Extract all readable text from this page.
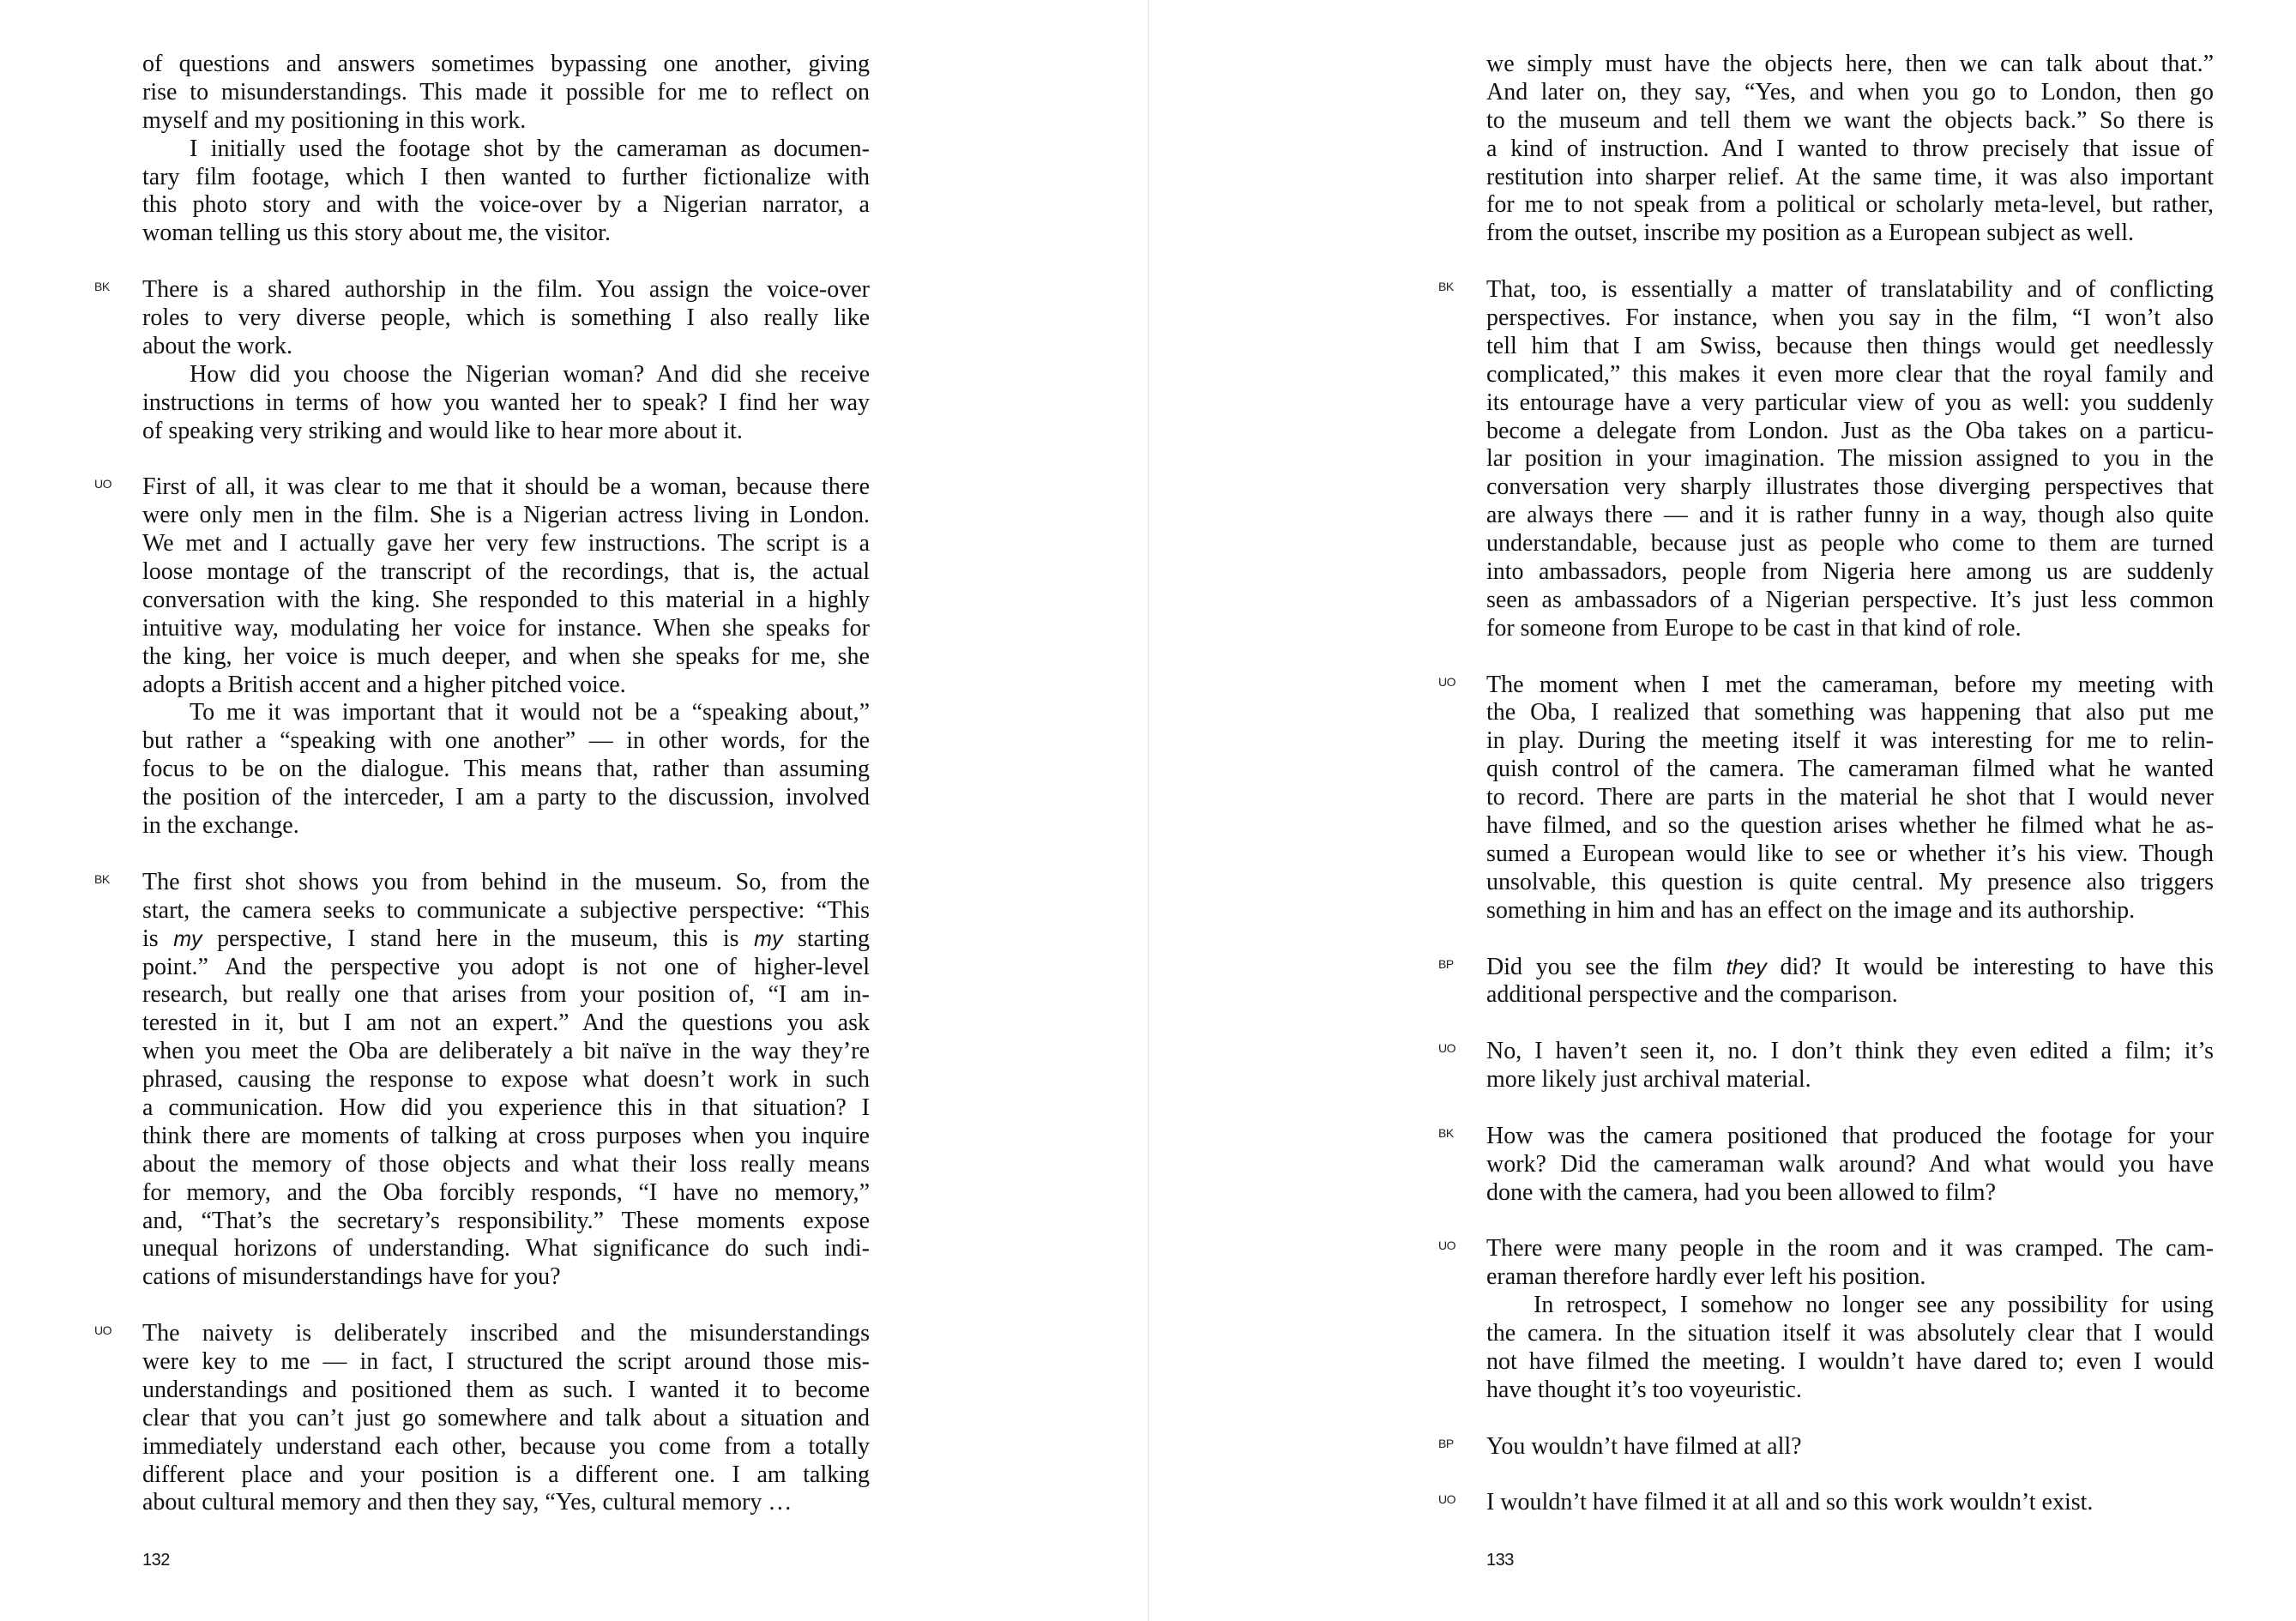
of questions and answers sometimes bypassing one another, giving
rise to misunderstandings. This made it possible for me to reflect on
myself and my positioning in this work.
I initially used the footage shot by the cameraman as documen-
tary film footage, which I then wanted to further fictionalize with
this photo story and with the voice-over by a Nigerian narrator, a
woman telling us this story about me, the visitor.
BK There is a shared authorship in the film. You assign the voice-over
roles to very diverse people, which is something I also really like
about the work.
How did you choose the Nigerian woman? And did she receive
instructions in terms of how you wanted her to speak? I find her way
of speaking very striking and would like to hear more about it.
UO First of all, it was clear to me that it should be a woman, because there
were only men in the film. She is a Nigerian actress living in London.
We met and I actually gave her very few instructions. The script is a
loose montage of the transcript of the recordings, that is, the actual
conversation with the king. She responded to this material in a highly
intuitive way, modulating her voice for instance. When she speaks for
the king, her voice is much deeper, and when she speaks for me, she
adopts a British accent and a higher pitched voice.
To me it was important that it would not be a “speaking about,”
but rather a “speaking with one another” — in other words, for the
focus to be on the dialogue. This means that, rather than assuming
the position of the interceder, I am a party to the discussion, involved
in the exchange.
BK The first shot shows you from behind in the museum. So, from the
start, the camera seeks to communicate a subjective perspective: “This
is my perspective, I stand here in the museum, this is my starting
point.” And the perspective you adopt is not one of higher-level
research, but really one that arises from your position of, “I am in-
terested in it, but I am not an expert.” And the questions you ask
when you meet the Oba are deliberately a bit naïve in the way they’re
phrased, causing the response to expose what doesn’t work in such
a communication. How did you experience this in that situation? I
think there are moments of talking at cross purposes when you inquire
about the memory of those objects and what their loss really means
for memory, and the Oba forcibly responds, “I have no memory,”
and, “That’s the secretary’s responsibility.” These moments expose
unequal horizons of understanding. What significance do such indi-
cations of misunderstandings have for you?
UO The naivety is deliberately inscribed and the misunderstandings
were key to me — in fact, I structured the script around those mis-
understandings and positioned them as such. I wanted it to become
clear that you can’t just go somewhere and talk about a situation and
immediately understand each other, because you come from a totally
different place and your position is a different one. I am talking
about cultural memory and then they say, “Yes, cultural memory …
132
we simply must have the objects here, then we can talk about that.”
And later on, they say, “Yes, and when you go to London, then go
to the museum and tell them we want the objects back.” So there is
a kind of instruction. And I wanted to throw precisely that issue of
restitution into sharper relief. At the same time, it was also important
for me to not speak from a political or scholarly meta-level, but rather,
from the outset, inscribe my position as a European subject as well.
BK That, too, is essentially a matter of translatability and of conflicting
perspectives. For instance, when you say in the film, “I won’t also
tell him that I am Swiss, because then things would get needlessly
complicated,” this makes it even more clear that the royal family and
its entourage have a very particular view of you as well: you suddenly
become a delegate from London. Just as the Oba takes on a particu-
lar position in your imagination. The mission assigned to you in the
conversation very sharply illustrates those diverging perspectives that
are always there — and it is rather funny in a way, though also quite
understandable, because just as people who come to them are turned
into ambassadors, people from Nigeria here among us are suddenly
seen as ambassadors of a Nigerian perspective. It’s just less common
for someone from Europe to be cast in that kind of role.
UO The moment when I met the cameraman, before my meeting with
the Oba, I realized that something was happening that also put me
in play. During the meeting itself it was interesting for me to relin-
quish control of the camera. The cameraman filmed what he wanted
to record. There are parts in the material he shot that I would never
have filmed, and so the question arises whether he filmed what he as-
sumed a European would like to see or whether it’s his view. Though
unsolvable, this question is quite central. My presence also triggers
something in him and has an effect on the image and its authorship.
BP Did you see the film they did? It would be interesting to have this
additional perspective and the comparison.
UO No, I haven’t seen it, no. I don’t think they even edited a film; it’s
more likely just archival material.
BK How was the camera positioned that produced the footage for your
work? Did the cameraman walk around? And what would you have
done with the camera, had you been allowed to film?
UO There were many people in the room and it was cramped. The cam-
eraman therefore hardly ever left his position.
In retrospect, I somehow no longer see any possibility for using
the camera. In the situation itself it was absolutely clear that I would
not have filmed the meeting. I wouldn’t have dared to; even I would
have thought it’s too voyeuristic.
BP You wouldn’t have filmed at all?
UO I wouldn’t have filmed it at all and so this work wouldn’t exist.
133
